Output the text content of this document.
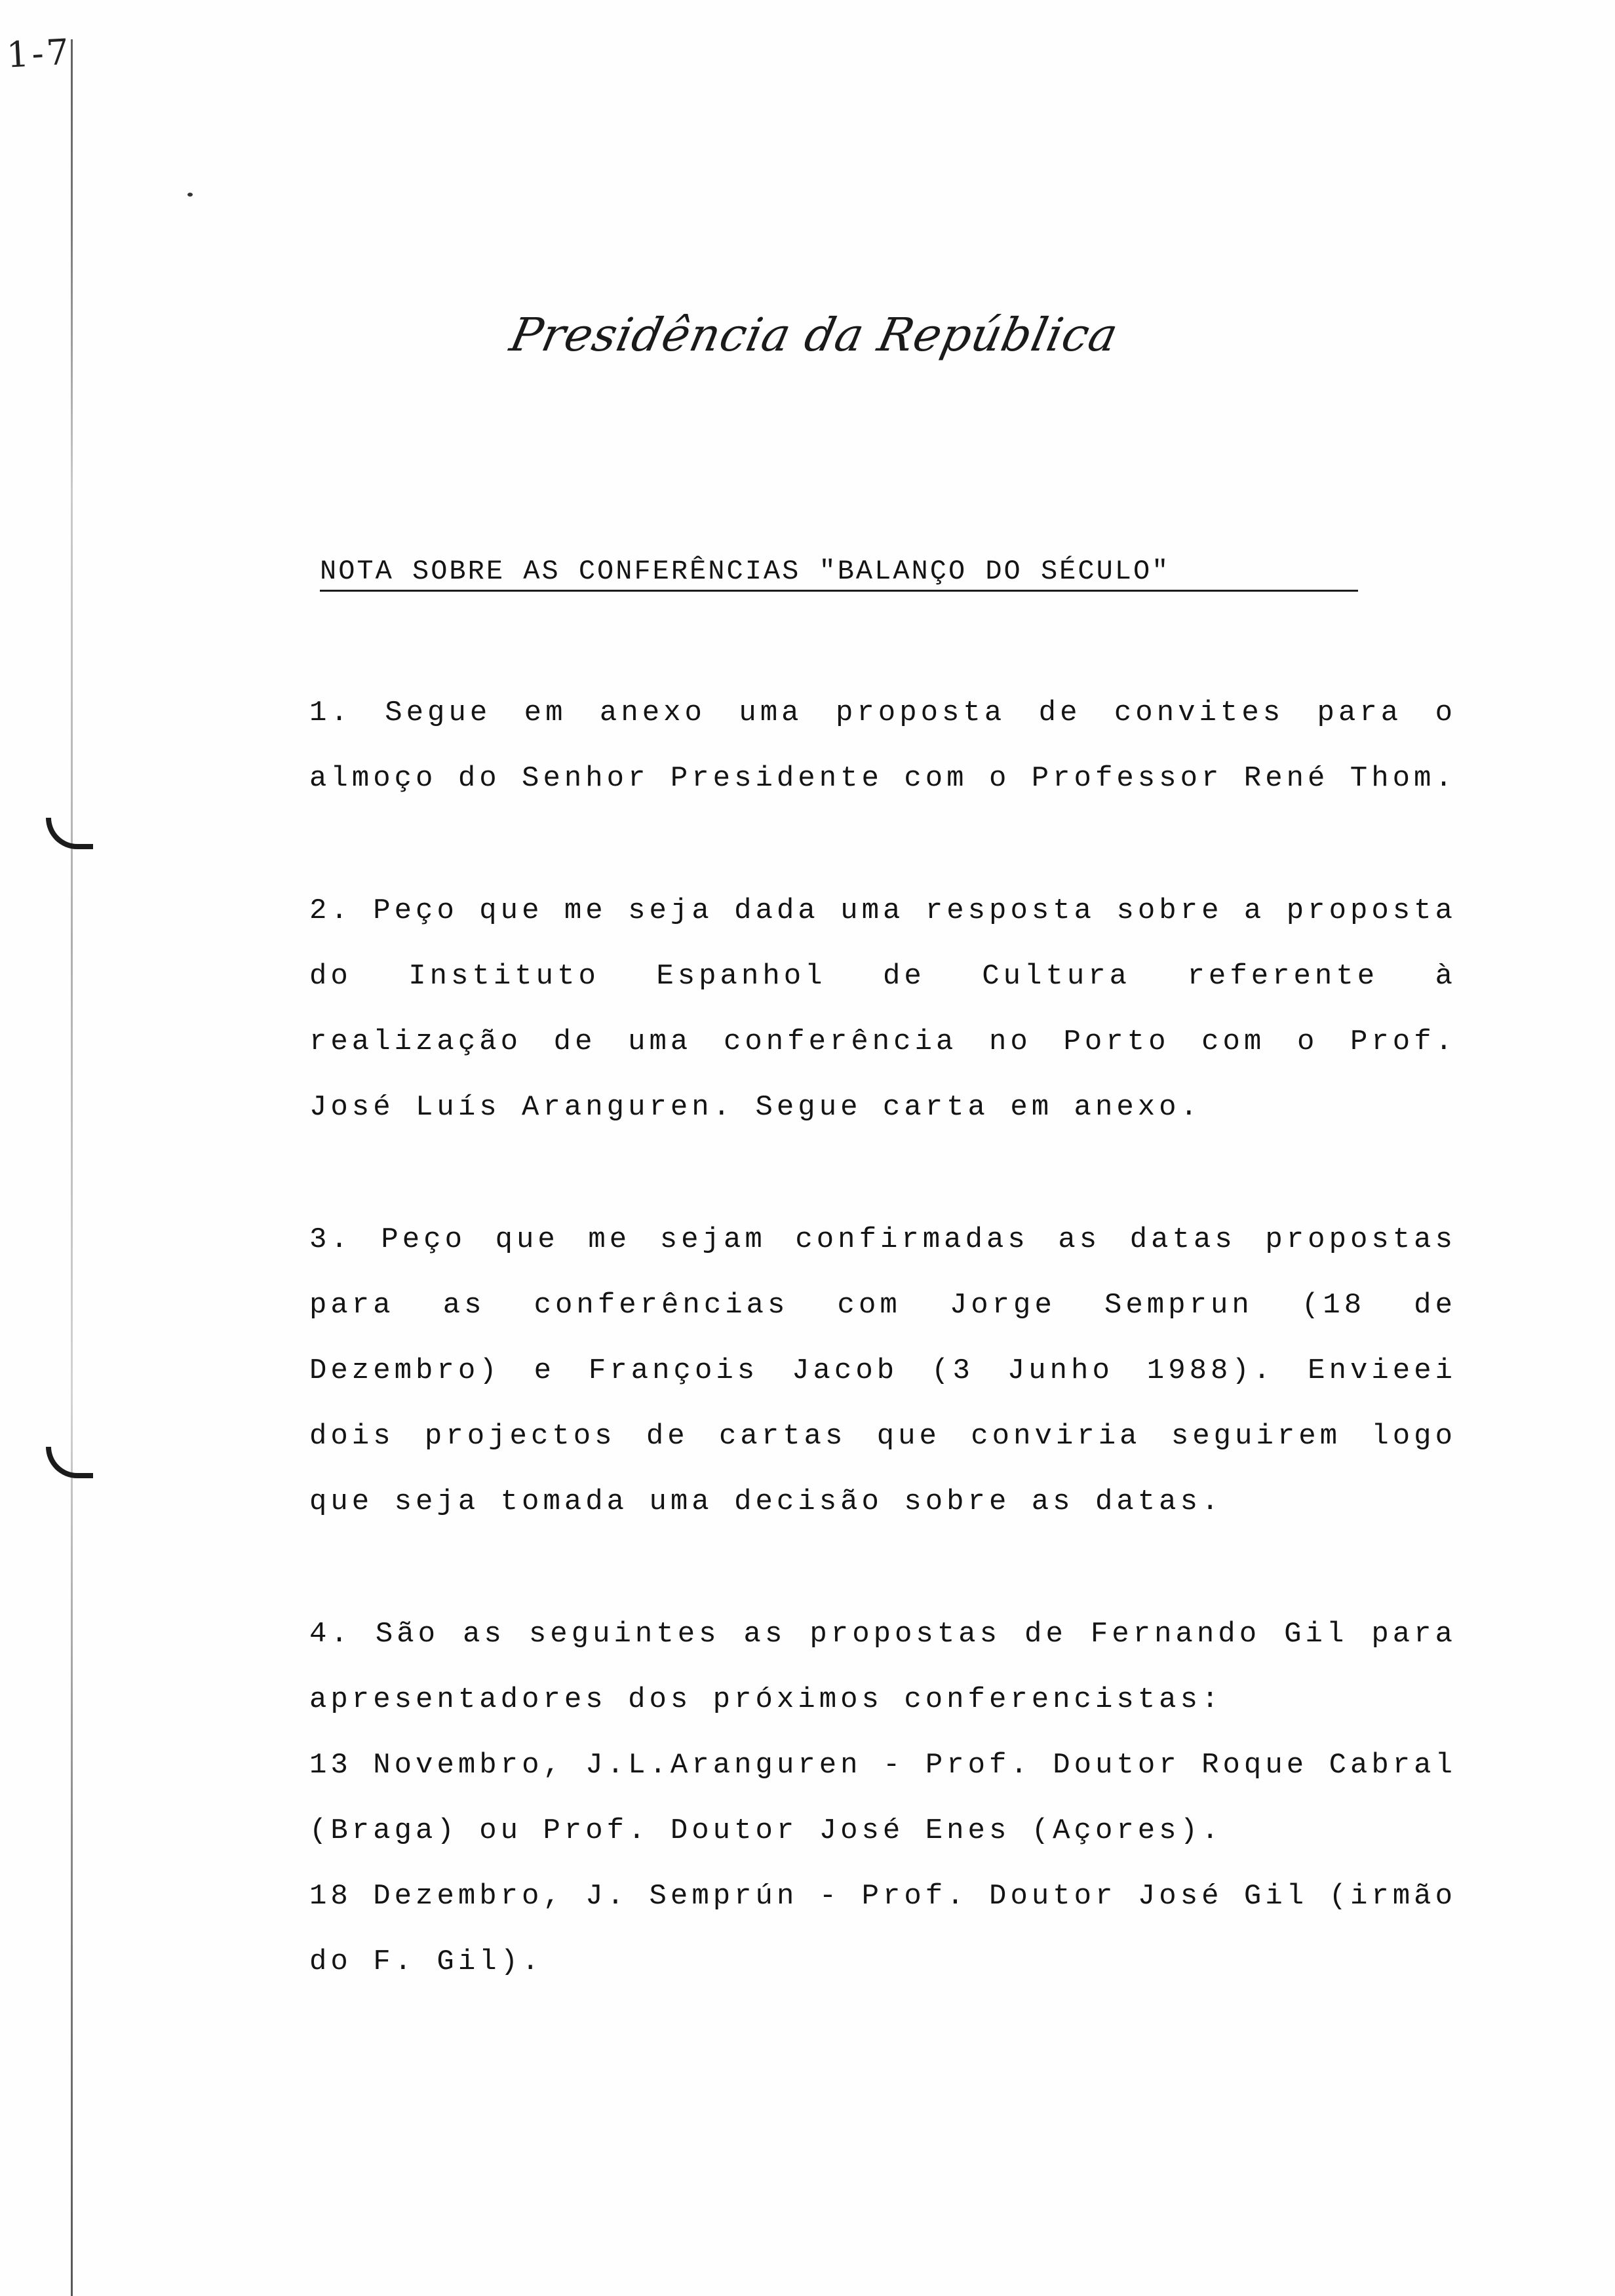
1-7
Presidência da República
NOTA SOBRE AS CONFERÊNCIAS "BALANÇO DO SÉCULO"

1. Segue em anexo uma proposta de convites para o almoço do Senhor Presidente com o Professor René Thom.

2. Peço que me seja dada uma resposta sobre a proposta do Instituto Espanhol de Cultura referente à realização de uma conferência no Porto com o Prof. José Luís Aranguren. Segue carta em anexo.

3. Peço que me sejam confirmadas as datas propostas para as conferências com Jorge Semprun (18 de Dezembro) e François Jacob (3 Junho 1988). Envieei dois projectos de cartas que conviria seguirem logo que seja tomada uma decisão sobre as datas.

4. São as seguintes as propostas de Fernando Gil para apresentadores dos próximos conferencistas:

13 Novembro, J.L.Aranguren - Prof. Doutor Roque Cabral (Braga) ou Prof. Doutor José Enes (Açores).

18 Dezembro, J. Semprún - Prof. Doutor José Gil (irmão do F. Gil).
